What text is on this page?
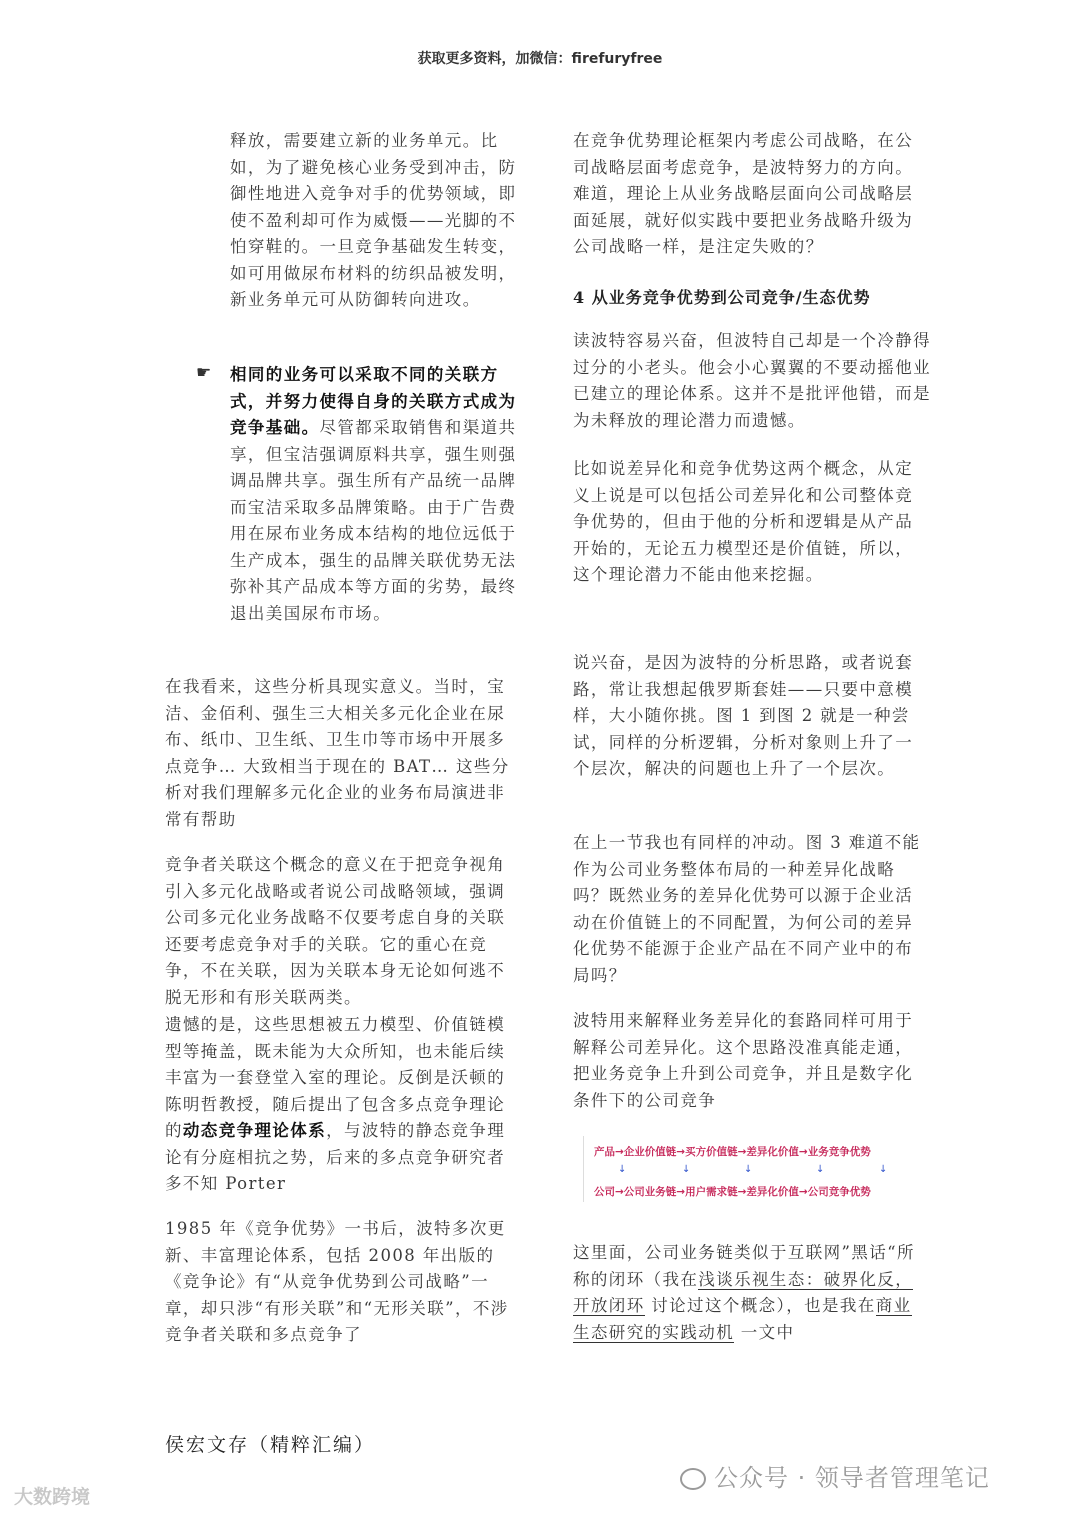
获取更多资料，加微信：firefuryfree

释放，需要建立新的业务单元。比如，为了避免核心业务受到冲击，防御性地进入竞争对手的优势领域，即使不盈利却可作为威慑——光脚的不怕穿鞋的。一旦竞争基础发生转变，如可用做尿布材料的纺织品被发明，新业务单元可从防御转向进攻。

☛ 相同的业务可以采取不同的关联方式，并努力使得自身的关联方式成为竞争基础。尽管都采取销售和渠道共享，但宝洁强调原料共享，强生则强调品牌共享。强生所有产品统一品牌而宝洁采取多品牌策略。由于广告费用在尿布业务成本结构的地位远低于生产成本，强生的品牌关联优势无法弥补其产品成本等方面的劣势，最终退出美国尿布市场。

在我看来，这些分析具现实意义。当时，宝洁、金佰利、强生三大相关多元化企业在尿布、纸巾、卫生纸、卫生巾等市场中开展多点竞争… 大致相当于现在的 BAT… 这些分析对我们理解多元化企业的业务布局演进非常有帮助

竞争者关联这个概念的意义在于把竞争视角引入多元化战略或者说公司战略领域，强调公司多元化业务战略不仅要考虑自身的关联还要考虑竞争对手的关联。它的重心在竞争，不在关联，因为关联本身无论如何逃不脱无形和有形关联两类。

遗憾的是，这些思想被五力模型、价值链模型等掩盖，既未能为大众所知，也未能后续丰富为一套登堂入室的理论。反倒是沃顿的陈明哲教授，随后提出了包含多点竞争理论的动态竞争理论体系，与波特的静态竞争理论有分庭相抗之势，后来的多点竞争研究者多不知 Porter

1985 年《竞争优势》一书后，波特多次更新、丰富理论体系，包括 2008 年出版的《竞争论》有“从竞争优势到公司战略”一章，却只涉“有形关联”和“无形关联”，不涉竞争者关联和多点竞争了

在竞争优势理论框架内考虑公司战略，在公司战略层面考虑竞争，是波特努力的方向。难道，理论上从业务战略层面向公司战略层面延展，就好似实践中要把业务战略升级为公司战略一样，是注定失败的？

4 从业务竞争优势到公司竞争/生态优势

读波特容易兴奋，但波特自己却是一个冷静得过分的小老头。他会小心翼翼的不要动摇他业已建立的理论体系。这并不是批评他错，而是为未释放的理论潜力而遗憾。

比如说差异化和竞争优势这两个概念，从定义上说是可以包括公司差异化和公司整体竞争优势的，但由于他的分析和逻辑是从产品开始的，无论五力模型还是价值链，所以，这个理论潜力不能由他来挖掘。

说兴奋，是因为波特的分析思路，或者说套路，常让我想起俄罗斯套娃——只要中意模样，大小随你挑。图 1 到图 2 就是一种尝试，同样的分析逻辑，分析对象则上升了一个层次，解决的问题也上升了一个层次。

在上一节我也有同样的冲动。图 3 难道不能作为公司业务整体布局的一种差异化战略吗？既然业务的差异化优势可以源于企业活动在价值链上的不同配置，为何公司的差异化优势不能源于企业产品在不同产业中的布局吗？

波特用来解释业务差异化的套路同样可用于解释公司差异化。这个思路没准真能走通，把业务竞争上升到公司竞争，并且是数字化条件下的公司竞争

产品→企业价值链→买方价值链→差异化价值→业务竞争优势
↓	↓	↓	↓	↓
公司→公司业务链→用户需求链→差异化价值→公司竞争优势

这里面，公司业务链类似于互联网”黑话“所称的闭环（我在浅谈乐视生态：破界化反，开放闭环 讨论过这个概念），也是我在商业生态研究的实践动机 一文中

侯宏文存（精粹汇编）
公众号 · 领导者管理笔记
大数跨境
